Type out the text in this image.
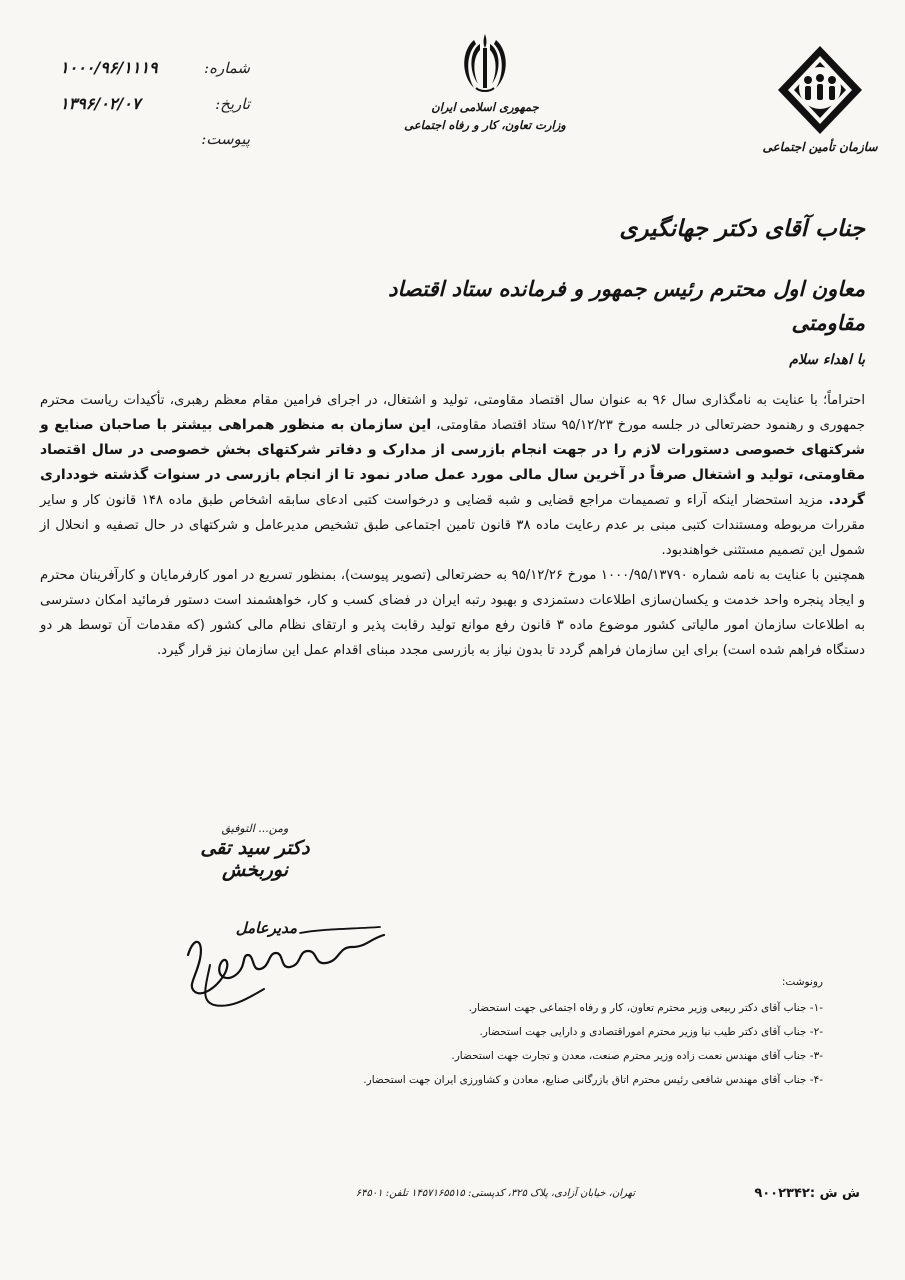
شماره:
۱۰۰۰/۹۶/۱۱۱۹
تاریخ:
۱۳۹۶/۰۲/۰۷
پیوست:
جمهوری اسلامی ایران
وزارت تعاون، کار و رفاه اجتماعی
سازمان تأمین اجتماعی
جناب آقای دکتر جهانگیری
معاون اول محترم رئیس جمهور و فرمانده ستاد اقتصاد مقاومتی
با اهداء سلام

احتراماً؛ با عنایت به نامگذاری سال ۹۶ به عنوان سال اقتصاد مقاومتی، تولید و اشتغال، در اجرای فرامین مقام معظم رهبری، تأکیدات ریاست محترم جمهوری و رهنمود حضرتعالی در جلسه مورخ ۹۵/۱۲/۲۳ ستاد اقتصاد مقاومتی، این سازمان به منظور همراهی بیشتر با صاحبان صنایع و شرکتهای خصوصی دستورات لازم را در جهت انجام بازرسی از مدارک و دفاتر شرکتهای بخش خصوصی در سال اقتصاد مقاومتی، تولید و اشتغال صرفاً در آخرین سال مالی مورد عمل صادر نمود تا از انجام بازرسی در سنوات گذشته خودداری گردد. مزید استحضار اینکه آراء و تصمیمات مراجع قضایی و شبه قضایی و درخواست کتبی ادعای سابقه اشخاص طبق ماده ۱۴۸ قانون کار و سایر مقررات مربوطه ومستندات کتبی مبنی بر عدم رعایت ماده ۳۸ قانون تامین اجتماعی طبق تشخیص مدیرعامل و شرکتهای در حال تصفیه و انحلال از شمول این تصمیم مستثنی خواهندبود.

همچنین با عنایت به نامه شماره ۱۰۰۰/۹۵/۱۳۷۹۰ مورخ ۹۵/۱۲/۲۶ به حضرتعالی (تصویر پیوست)، بمنظور تسریع در امور کارفرمایان و کارآفرینان محترم و ایجاد پنجره واحد خدمت و یکسان‌سازی اطلاعات دستمزدی و بهبود رتبه ایران در فضای کسب و کار، خواهشمند است دستور فرمائید امکان دسترسی به اطلاعات سازمان امور مالیاتی کشور موضوع ماده ۳ قانون رفع موانع تولید رقابت پذیر و ارتقای نظام مالی کشور (که مقدمات آن توسط هر دو دستگاه فراهم شده است) برای این سازمان فراهم گردد تا بدون نیاز به بازرسی مجدد مبنای اقدام عمل این سازمان نیز قرار گیرد.

ومن... التوفیق
دکتر سید تقی نوربخش
مدیرعامل
رونوشت:
-۱- جناب آقای دکتر ربیعی وزیر محترم تعاون، کار و رفاه اجتماعی جهت استحضار.
-۲- جناب آقای دکتر طیب نیا وزیر محترم اموراقتصادی و دارایی جهت استحضار.
-۳- جناب آقای مهندس نعمت زاده وزیر محترم صنعت، معدن و تجارت جهت استحضار.
-۴- جناب آقای مهندس شافعی رئیس محترم اتاق بازرگانی صنایع، معادن و کشاورزی ایران جهت استحضار.
ش ش :۹۰۰۲۳۴۲
تهران، خیابان آزادی، پلاک ۳۲۵، کدپستی: ۱۴۵۷۱۶۵۵۱۵ تلفن: ۶۴۵۰۱
